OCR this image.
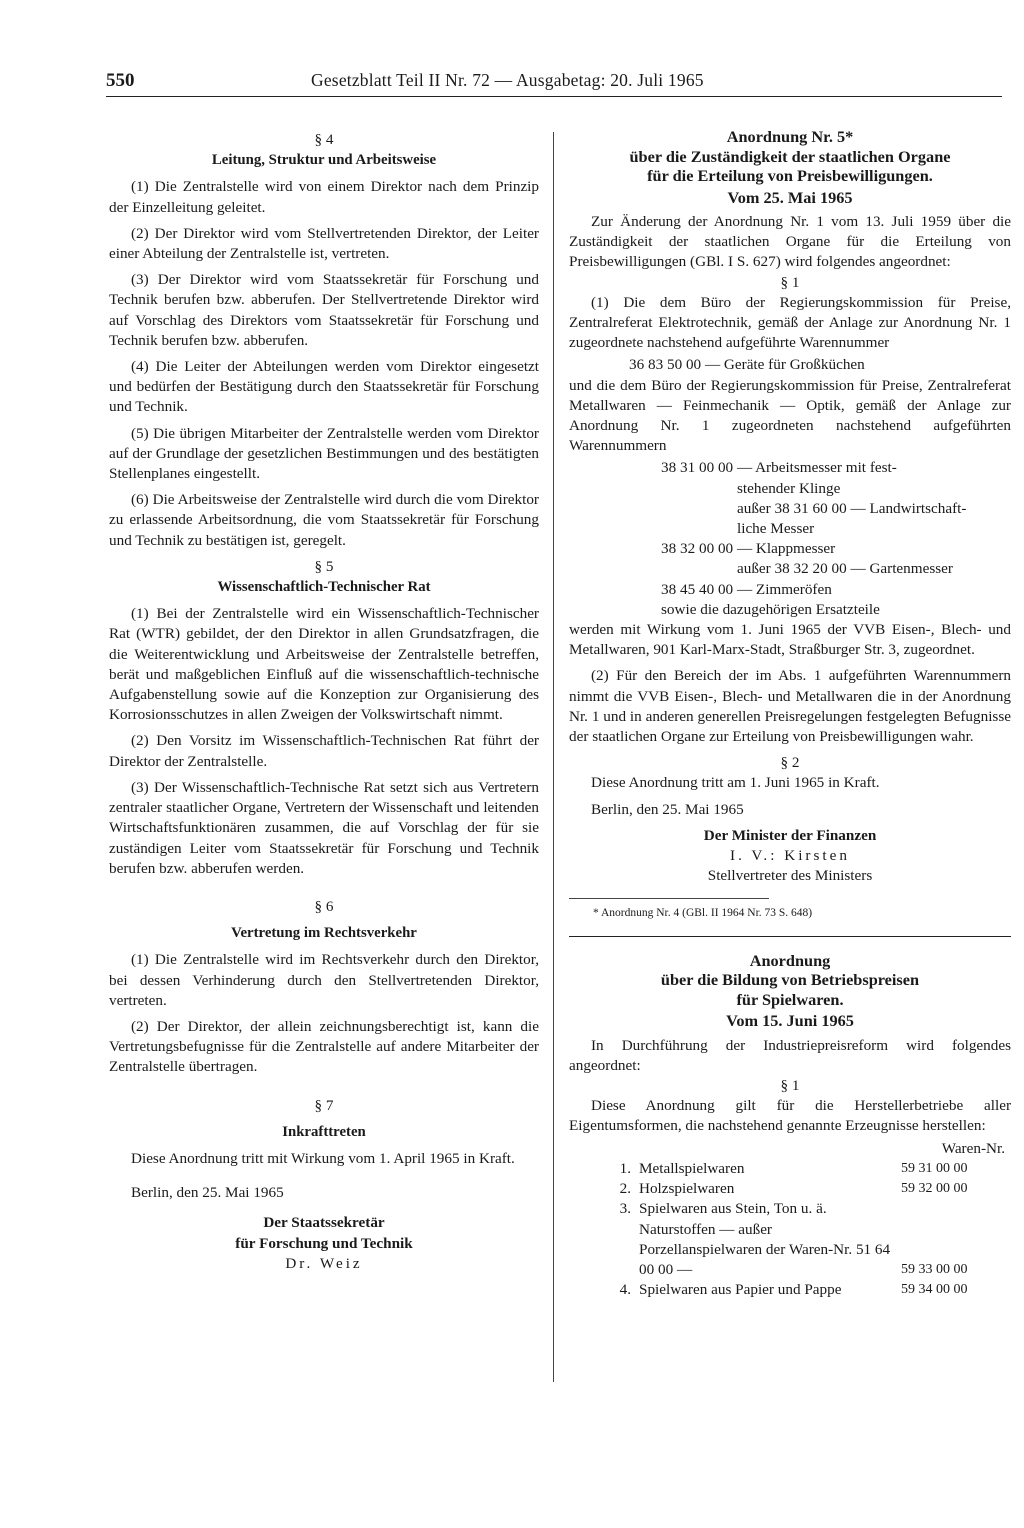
550	Gesetzblatt Teil II Nr. 72 — Ausgabetag: 20. Juli 1965
§ 4
Leitung, Struktur und Arbeitsweise

(1) Die Zentralstelle wird von einem Direktor nach dem Prinzip der Einzelleitung geleitet.

(2) Der Direktor wird vom Stellvertretenden Direktor, der Leiter einer Abteilung der Zentralstelle ist, vertreten.

(3) Der Direktor wird vom Staatssekretär für Forschung und Technik berufen bzw. abberufen. Der Stellvertretende Direktor wird auf Vorschlag des Direktors vom Staatssekretär für Forschung und Technik berufen bzw. abberufen.

(4) Die Leiter der Abteilungen werden vom Direktor eingesetzt und bedürfen der Bestätigung durch den Staatssekretär für Forschung und Technik.

(5) Die übrigen Mitarbeiter der Zentralstelle werden vom Direktor auf der Grundlage der gesetzlichen Bestimmungen und des bestätigten Stellenplanes eingestellt.

(6) Die Arbeitsweise der Zentralstelle wird durch die vom Direktor zu erlassende Arbeitsordnung, die vom Staatssekretär für Forschung und Technik zu bestätigen ist, geregelt.

§ 5
Wissenschaftlich-Technischer Rat

(1) Bei der Zentralstelle wird ein Wissenschaftlich-Technischer Rat (WTR) gebildet, der den Direktor in allen Grundsatzfragen, die die Weiterentwicklung und Arbeitsweise der Zentralstelle betreffen, berät und maßgeblichen Einfluß auf die wissenschaftlich-technische Aufgabenstellung sowie auf die Konzeption zur Organisierung des Korrosionsschutzes in allen Zweigen der Volkswirtschaft nimmt.

(2) Den Vorsitz im Wissenschaftlich-Technischen Rat führt der Direktor der Zentralstelle.

(3) Der Wissenschaftlich-Technische Rat setzt sich aus Vertretern zentraler staatlicher Organe, Vertretern der Wissenschaft und leitenden Wirtschaftsfunktionären zusammen, die auf Vorschlag der für sie zuständigen Leiter vom Staatssekretär für Forschung und Technik berufen bzw. abberufen werden.

§ 6
Vertretung im Rechtsverkehr

(1) Die Zentralstelle wird im Rechtsverkehr durch den Direktor, bei dessen Verhinderung durch den Stellvertretenden Direktor, vertreten.

(2) Der Direktor, der allein zeichnungsberechtigt ist, kann die Vertretungsbefugnisse für die Zentralstelle auf andere Mitarbeiter der Zentralstelle übertragen.

§ 7
Inkrafttreten

Diese Anordnung tritt mit Wirkung vom 1. April 1965 in Kraft.

Berlin, den 25. Mai 1965

Der Staatssekretär
für Forschung und Technik
Dr. Weiz
Anordnung Nr. 5*
über die Zuständigkeit der staatlichen Organe
für die Erteilung von Preisbewilligungen.
Vom 25. Mai 1965

Zur Änderung der Anordnung Nr. 1 vom 13. Juli 1959 über die Zuständigkeit der staatlichen Organe für die Erteilung von Preisbewilligungen (GBl. I S. 627) wird folgendes angeordnet:

§ 1

(1) Die dem Büro der Regierungskommission für Preise, Zentralreferat Elektrotechnik, gemäß der Anlage zur Anordnung Nr. 1 zugeordnete nachstehend aufgeführte Warennummer

36 83 50 00 — Geräte für Großküchen

und die dem Büro der Regierungskommission für Preise, Zentralreferat Metallwaren — Feinmechanik — Optik, gemäß der Anlage zur Anordnung Nr. 1 zugeordneten nachstehend aufgeführten Warennummern

38 31 00 00 — Arbeitsmesser mit fest-
stehender Klinge
außer 38 31 60 00 — Landwirtschaft-
liche Messer
38 32 00 00 — Klappmesser
außer 38 32 20 00 — Gartenmesser
38 45 40 00 — Zimmeröfen
sowie die dazugehörigen Ersatzteile

werden mit Wirkung vom 1. Juni 1965 der VVB Eisen-, Blech- und Metallwaren, 901 Karl-Marx-Stadt, Straßburger Str. 3, zugeordnet.

(2) Für den Bereich der im Abs. 1 aufgeführten Warennummern nimmt die VVB Eisen-, Blech- und Metallwaren die in der Anordnung Nr. 1 und in anderen generellen Preisregelungen festgelegten Befugnisse der staatlichen Organe zur Erteilung von Preisbewilligungen wahr.

§ 2

Diese Anordnung tritt am 1. Juni 1965 in Kraft.

Berlin, den 25. Mai 1965

Der Minister der Finanzen
I. V.: Kirsten
Stellvertreter des Ministers
* Anordnung Nr. 4 (GBl. II 1964 Nr. 73 S. 648)
Anordnung
über die Bildung von Betriebspreisen
für Spielwaren.
Vom 15. Juni 1965

In Durchführung der Industriepreisreform wird folgendes angeordnet:

§ 1

Diese Anordnung gilt für die Herstellerbetriebe aller Eigentumsformen, die nachstehend genannte Erzeugnisse herstellen:

		Waren-Nr.
1.	Metallspielwaren	59 31 00 00
2.	Holzspielwaren	59 32 00 00
3.	Spielwaren aus Stein, Ton u. ä. Naturstoffen — außer Porzellanspielwaren der Waren-Nr. 51 64 00 00 —	59 33 00 00
4.	Spielwaren aus Papier und Pappe	59 34 00 00
